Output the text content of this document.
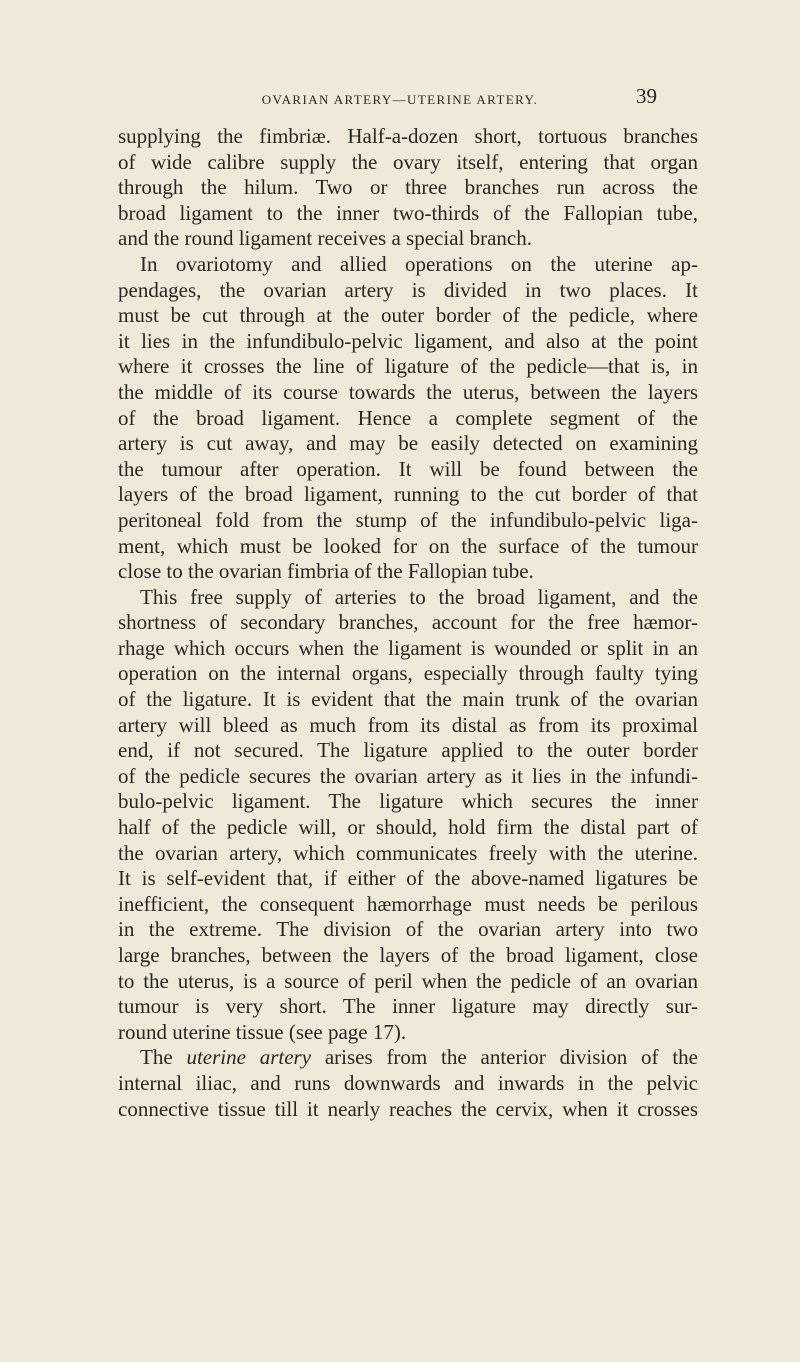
OVARIAN ARTERY—UTERINE ARTERY.	39
supplying the fimbriæ. Half-a-dozen short, tortuous branches
of wide calibre supply the ovary itself, entering that organ
through the hilum. Two or three branches run across the
broad ligament to the inner two-thirds of the Fallopian tube,
and the round ligament receives a special branch.
In ovariotomy and allied operations on the uterine ap-
pendages, the ovarian artery is divided in two places. It
must be cut through at the outer border of the pedicle, where
it lies in the infundibulo-pelvic ligament, and also at the point
where it crosses the line of ligature of the pedicle—that is, in
the middle of its course towards the uterus, between the layers
of the broad ligament. Hence a complete segment of the
artery is cut away, and may be easily detected on examining
the tumour after operation. It will be found between the
layers of the broad ligament, running to the cut border of that
peritoneal fold from the stump of the infundibulo-pelvic liga-
ment, which must be looked for on the surface of the tumour
close to the ovarian fimbria of the Fallopian tube.
This free supply of arteries to the broad ligament, and the
shortness of secondary branches, account for the free hæmor-
rhage which occurs when the ligament is wounded or split in an
operation on the internal organs, especially through faulty tying
of the ligature. It is evident that the main trunk of the ovarian
artery will bleed as much from its distal as from its proximal
end, if not secured. The ligature applied to the outer border
of the pedicle secures the ovarian artery as it lies in the infundi-
bulo-pelvic ligament. The ligature which secures the inner
half of the pedicle will, or should, hold firm the distal part of
the ovarian artery, which communicates freely with the uterine.
It is self-evident that, if either of the above-named ligatures be
inefficient, the consequent hæmorrhage must needs be perilous
in the extreme. The division of the ovarian artery into two
large branches, between the layers of the broad ligament, close
to the uterus, is a source of peril when the pedicle of an ovarian
tumour is very short. The inner ligature may directly sur-
round uterine tissue (see page 17).
The uterine artery arises from the anterior division of the
internal iliac, and runs downwards and inwards in the pelvic
connective tissue till it nearly reaches the cervix, when it crosses
